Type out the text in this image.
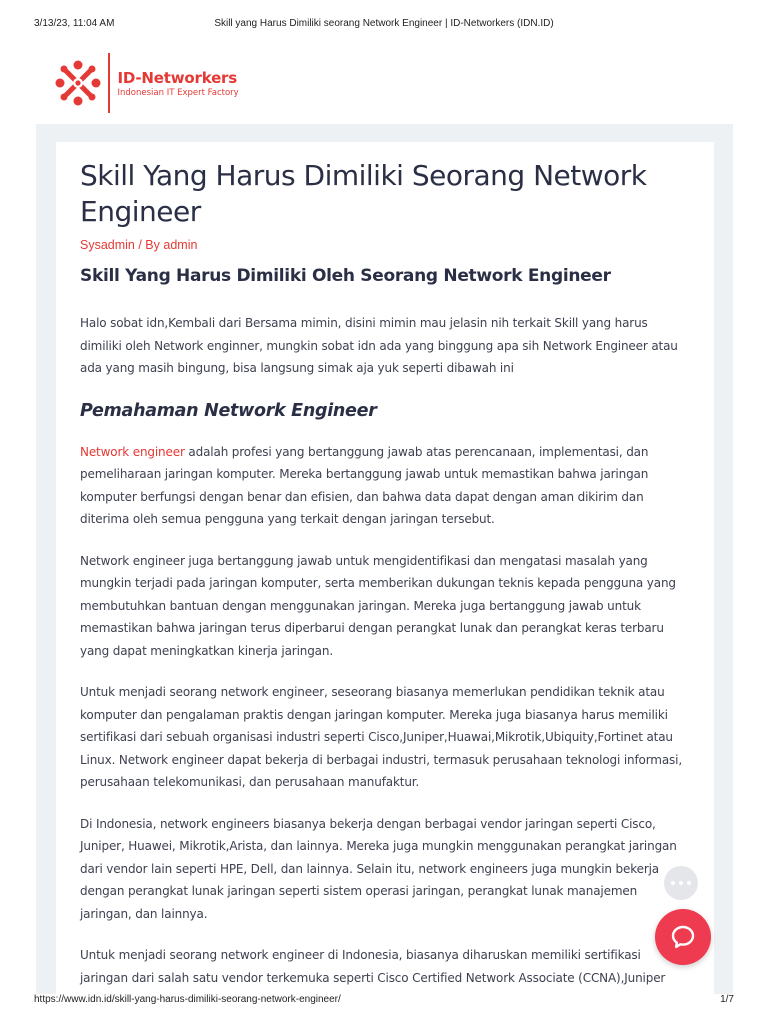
3/13/23, 11:04 AM	Skill yang Harus Dimiliki seorang Network Engineer | ID-Networkers (IDN.ID)
ID-Networkers
Indonesian IT Expert Factory
Skill Yang Harus Dimiliki Seorang Network Engineer
Sysadmin / By admin
Skill Yang Harus Dimiliki Oleh Seorang Network Engineer

Halo sobat idn,Kembali dari Bersama mimin, disini mimin mau jelasin nih terkait Skill yang harus dimiliki oleh Network enginner, mungkin sobat idn ada yang binggung apa sih Network Engineer atau ada yang masih bingung, bisa langsung simak aja yuk seperti dibawah ini

Pemahaman Network Engineer

Network engineer adalah profesi yang bertanggung jawab atas perencanaan, implementasi, dan pemeliharaan jaringan komputer. Mereka bertanggung jawab untuk memastikan bahwa jaringan komputer berfungsi dengan benar dan efisien, dan bahwa data dapat dengan aman dikirim dan diterima oleh semua pengguna yang terkait dengan jaringan tersebut.

Network engineer juga bertanggung jawab untuk mengidentifikasi dan mengatasi masalah yang mungkin terjadi pada jaringan komputer, serta memberikan dukungan teknis kepada pengguna yang membutuhkan bantuan dengan menggunakan jaringan. Mereka juga bertanggung jawab untuk memastikan bahwa jaringan terus diperbarui dengan perangkat lunak dan perangkat keras terbaru yang dapat meningkatkan kinerja jaringan.

Untuk menjadi seorang network engineer, seseorang biasanya memerlukan pendidikan teknik atau komputer dan pengalaman praktis dengan jaringan komputer. Mereka juga biasanya harus memiliki sertifikasi dari sebuah organisasi industri seperti Cisco,Juniper,Huawai,Mikrotik,Ubiquity,Fortinet atau Linux. Network engineer dapat bekerja di berbagai industri, termasuk perusahaan teknologi informasi, perusahaan telekomunikasi, dan perusahaan manufaktur.

Di Indonesia, network engineers biasanya bekerja dengan berbagai vendor jaringan seperti Cisco, Juniper, Huawei, Mikrotik,Arista, dan lainnya. Mereka juga mungkin menggunakan perangkat jaringan dari vendor lain seperti HPE, Dell, dan lainnya. Selain itu, network engineers juga mungkin bekerja dengan perangkat lunak jaringan seperti sistem operasi jaringan, perangkat lunak manajemen jaringan, dan lainnya.

Untuk menjadi seorang network engineer di Indonesia, biasanya diharuskan memiliki sertifikasi jaringan dari salah satu vendor terkemuka seperti Cisco Certified Network Associate (CCNA),Juniper

https://www.idn.id/skill-yang-harus-dimiliki-seorang-network-engineer/	1/7
